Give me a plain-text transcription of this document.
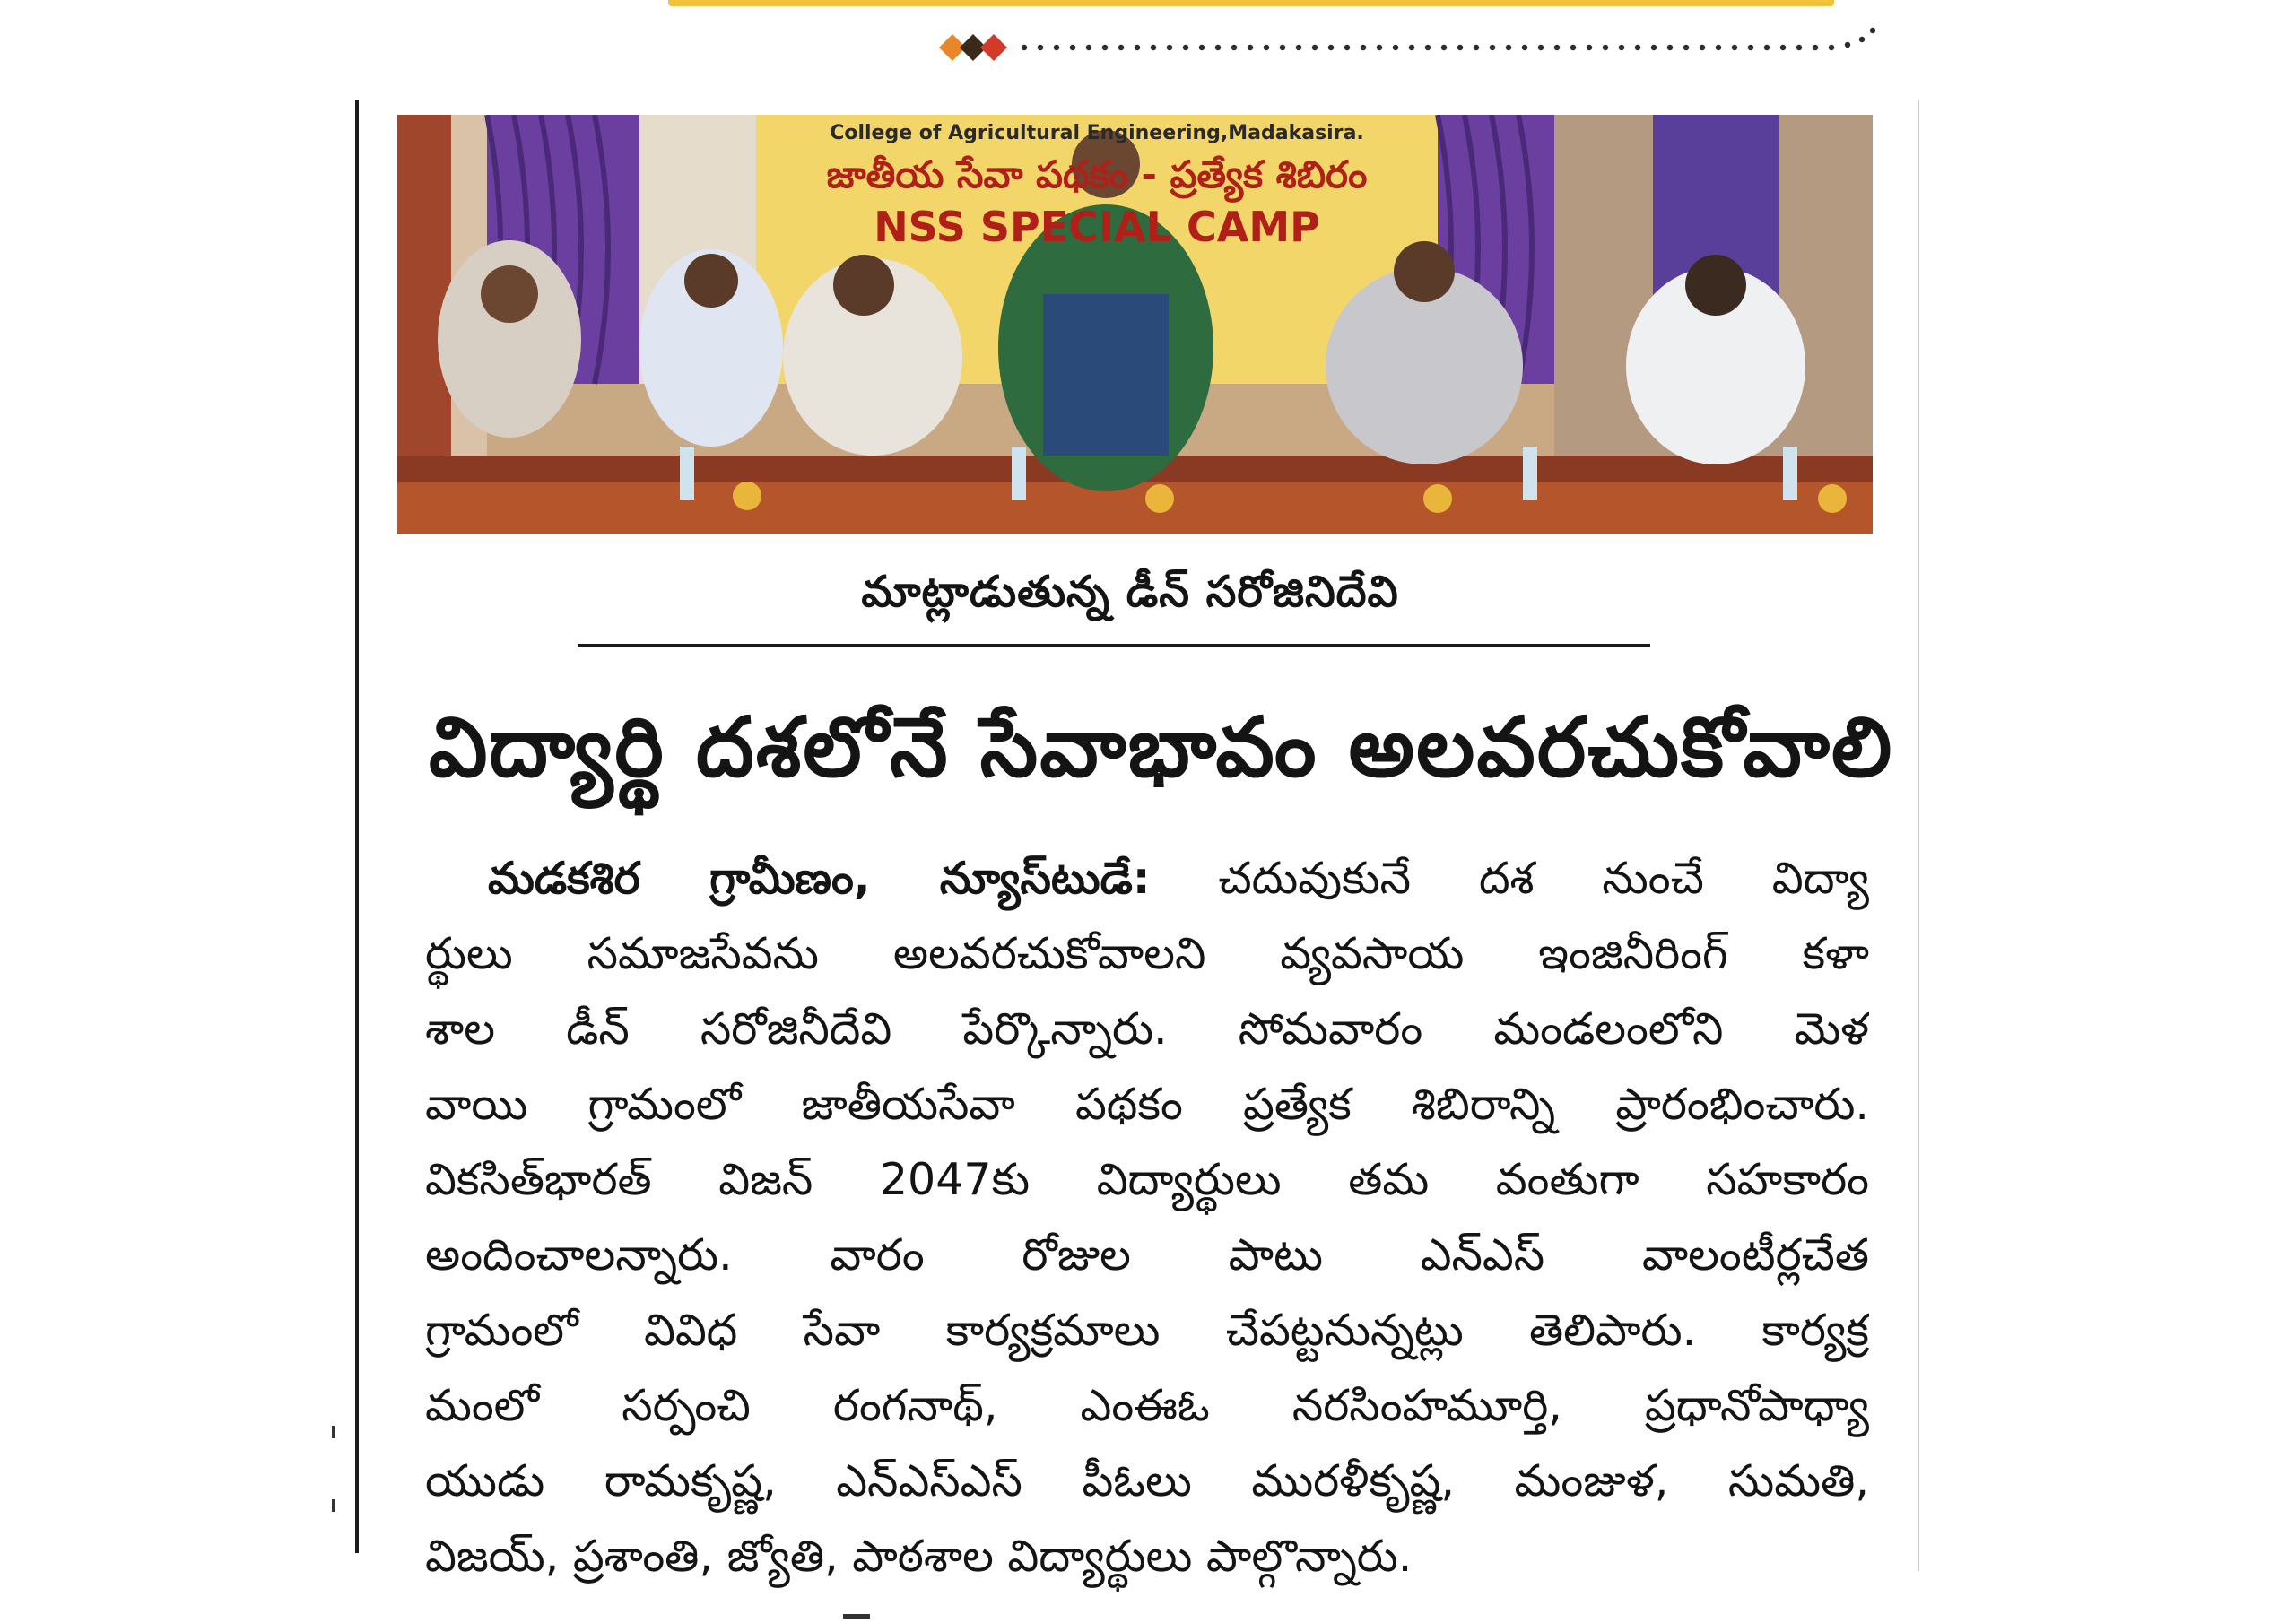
College of Agricultural Engineering,Madakasira.
జాతీయ సేవా పథకం - ప్రత్యేక శిబిరం
NSS SPECIAL CAMP
మాట్లాడుతున్న డీన్ సరోజినిదేవి
విద్యార్థి దశలోనే సేవాభావం అలవరచుకోవాలి
మడకశిర గ్రామీణం, న్యూస్‌టుడే: చదువుకునే దశ నుంచే విద్యా
ర్థులు సమాజసేవను అలవరచుకోవాలని వ్యవసాయ ఇంజినీరింగ్ కళా
శాల డీన్ సరోజినీదేవి పేర్కొన్నారు. సోమవారం మండలంలోని మెళ
వాయి గ్రామంలో జాతీయసేవా పథకం ప్రత్యేక శిబిరాన్ని ప్రారంభించారు.
వికసిత్‌భారత్ విజన్ 2047కు విద్యార్థులు తమ వంతుగా సహకారం
అందించాలన్నారు. వారం రోజుల పాటు ఎన్ఎస్ వాలంటీర్లచేత
గ్రామంలో వివిధ సేవా కార్యక్రమాలు చేపట్టనున్నట్లు తెలిపారు. కార్యక్ర
మంలో సర్పంచి రంగనాథ్, ఎంఈఓ నరసింహమూర్తి, ప్రధానోపాధ్యా
యుడు రామకృష్ణ, ఎన్ఎస్ఎస్ పీఓలు మురళీకృష్ణ, మంజుళ, సుమతి,
విజయ్, ప్రశాంతి, జ్యోతి, పాఠశాల విద్యార్థులు పాల్గొన్నారు.
